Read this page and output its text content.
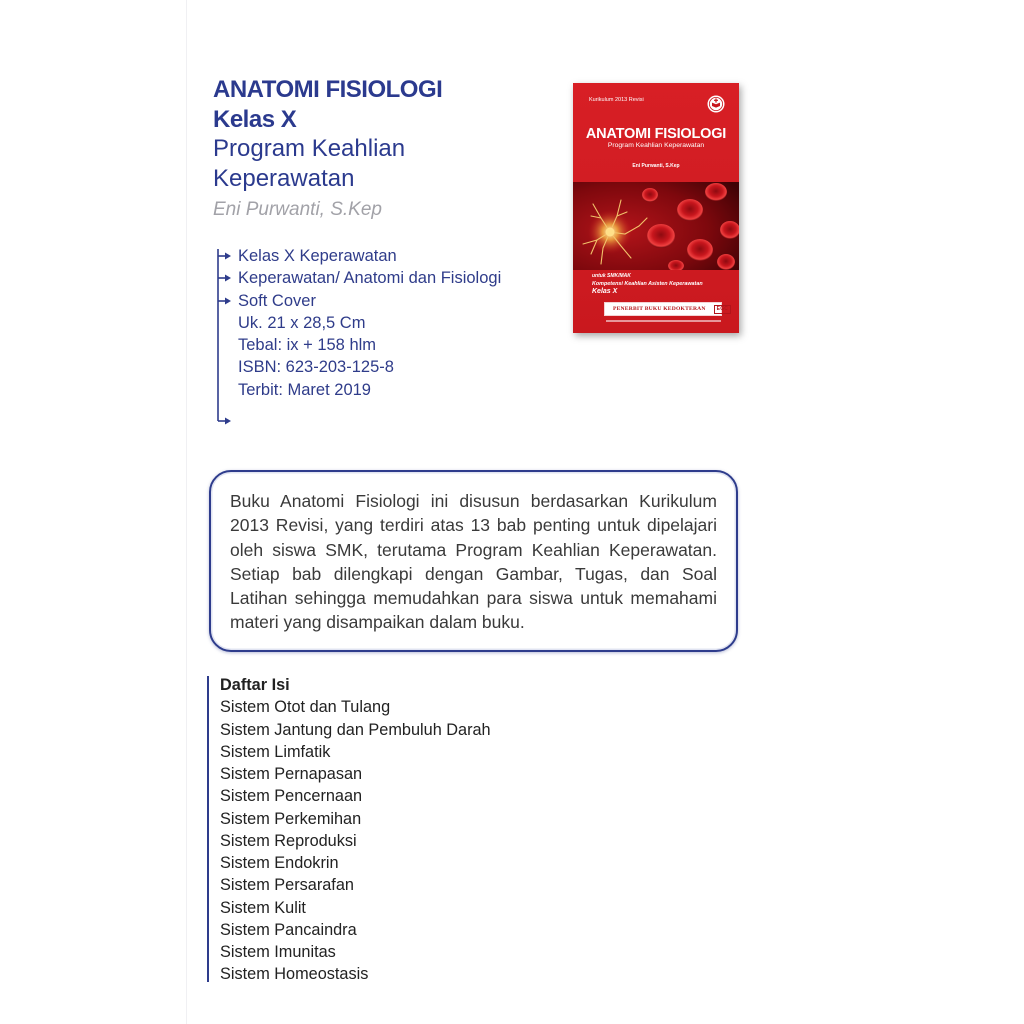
ANATOMI FISIOLOGI
Kelas X
Program Keahlian
Keperawatan
Eni Purwanti, S.Kep
Kelas X Keperawatan
Keperawatan/ Anatomi dan Fisiologi
Soft Cover
Uk. 21 x 28,5 Cm
Tebal: ix + 158 hlm
ISBN: 623-203-125-8
Terbit: Maret 2019
Kurikulum 2013 Revisi
ANATOMI FISIOLOGI
Program Keahlian Keperawatan
Eni Purwanti, S.Kep
untuk SMK/MAK
Kompetensi Keahlian Asisten Keperawatan
Kelas X
PENERBIT BUKU KEDOKTERAN	EGC
Buku Anatomi Fisiologi ini disusun berdasarkan Kurikulum
2013 Revisi, yang terdiri atas 13 bab penting untuk dipelajari
oleh siswa SMK, terutama Program Keahlian Keperawatan.
Setiap bab dilengkapi dengan Gambar, Tugas, dan Soal
Latihan sehingga memudahkan para siswa untuk memahami
materi yang disampaikan dalam buku.
Daftar Isi
Sistem Otot dan Tulang
Sistem Jantung dan Pembuluh Darah
Sistem Limfatik
Sistem Pernapasan
Sistem Pencernaan
Sistem Perkemihan
Sistem Reproduksi
Sistem Endokrin
Sistem Persarafan
Sistem Kulit
Sistem Pancaindra
Sistem Imunitas
Sistem Homeostasis
